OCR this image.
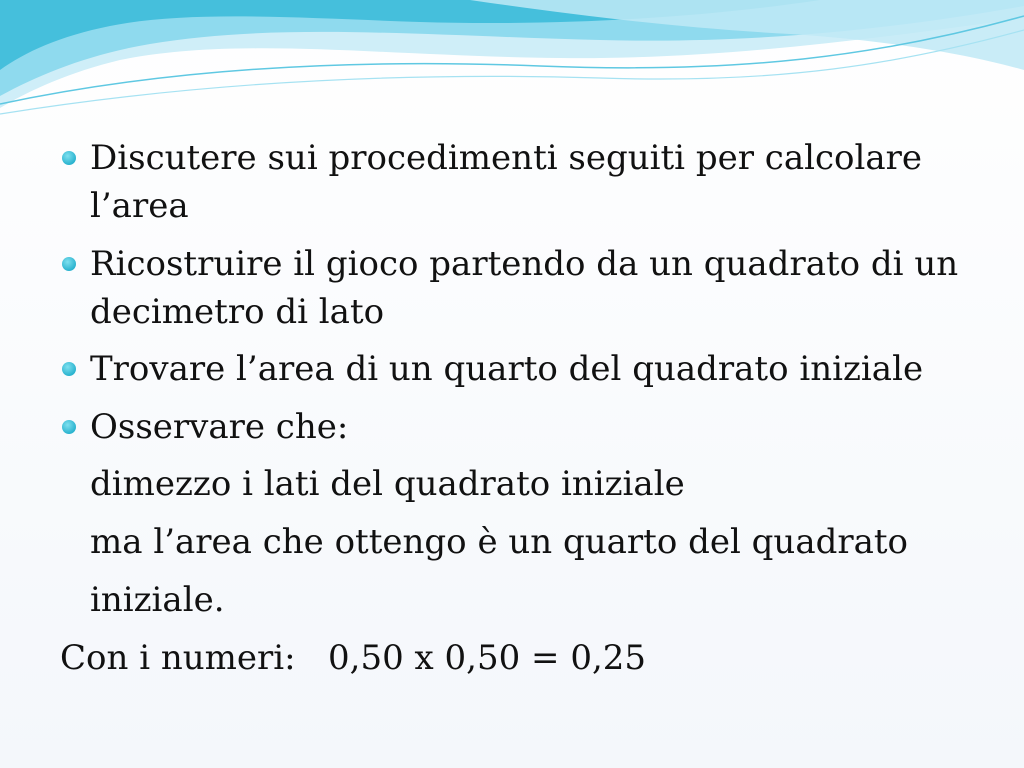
Discutere sui procedimenti seguiti per calcolare

l’area

Ricostruire il gioco partendo da un quadrato di un

decimetro di lato

Trovare l’area di un quarto del quadrato iniziale

Osservare che:

dimezzo i lati del quadrato iniziale

ma l’area che ottengo è un quarto del quadrato

iniziale.

Con i numeri:   0,50 x 0,50 = 0,25
